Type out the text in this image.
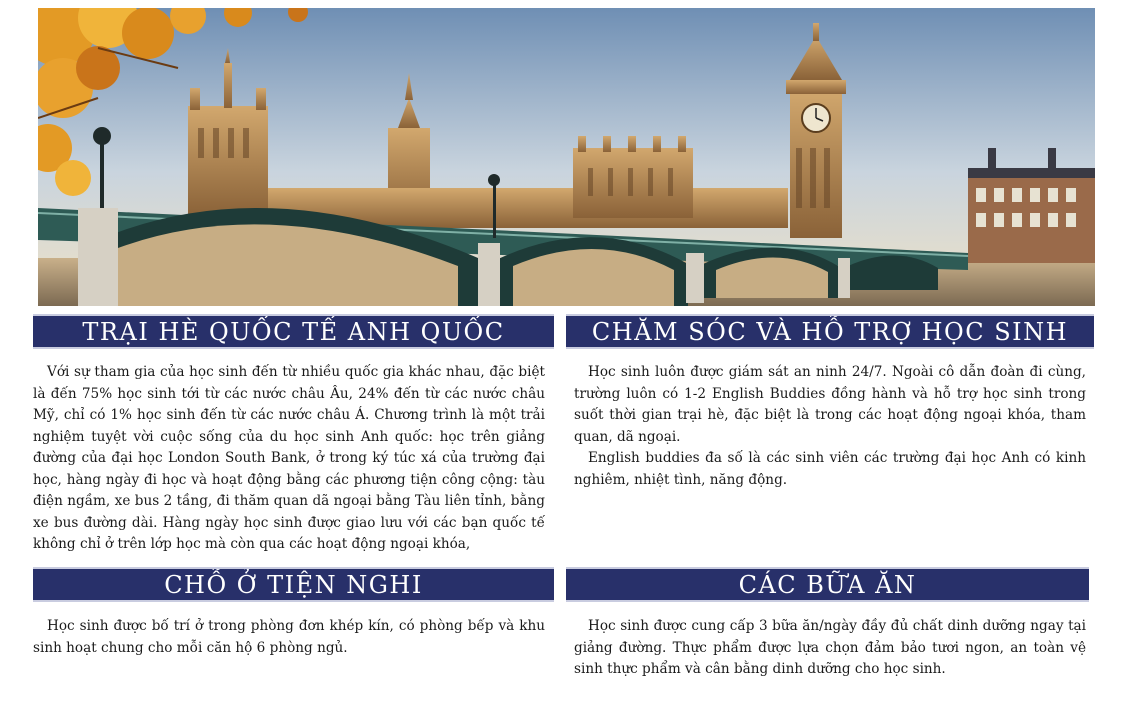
TRẠI HÈ QUỐC TẾ ANH QUỐC

Với sự tham gia của học sinh đến từ nhiều quốc gia khác nhau, đặc biệt là đến 75% học sinh tới từ các nước châu Âu, 24% đến từ các nước châu Mỹ, chỉ có 1% học sinh đến từ các nước châu Á. Chương trình là một trải nghiệm tuyệt vời cuộc sống của du học sinh Anh quốc: học trên giảng đường của đại học London South Bank, ở trong ký túc xá của trường đại học, hàng ngày đi học và hoạt động bằng các phương tiện công cộng: tàu điện ngầm, xe bus 2 tầng, đi thăm quan dã ngoại bằng Tàu liên tỉnh, bằng xe bus đường dài. Hàng ngày học sinh được giao lưu với các bạn quốc tế không chỉ ở trên lớp học mà còn qua các hoạt động ngoại khóa,

CHĂM SÓC VÀ HỖ TRỢ HỌC SINH

Học sinh luôn được giám sát an ninh 24/7. Ngoài cô dẫn đoàn đi cùng, trường luôn có 1-2 English Buddies đồng hành và hỗ trợ học sinh trong suốt thời gian trại hè, đặc biệt là trong các hoạt động ngoại khóa, tham quan, dã ngoại.

English buddies đa số là các sinh viên các trường đại học Anh có kinh nghiêm, nhiệt tình, năng động.

CHỖ Ở TIỆN NGHI

Học sinh được bố trí ở trong phòng đơn khép kín, có phòng bếp và khu sinh hoạt chung cho mỗi căn hộ 6 phòng ngủ.

CÁC BỮA ĂN

Học sinh được cung cấp 3 bữa ăn/ngày đầy đủ chất dinh dưỡng ngay tại giảng đường. Thực phẩm được lựa chọn đảm bảo tươi ngon, an toàn vệ sinh thực phẩm và cân bằng dinh dưỡng cho học sinh.
